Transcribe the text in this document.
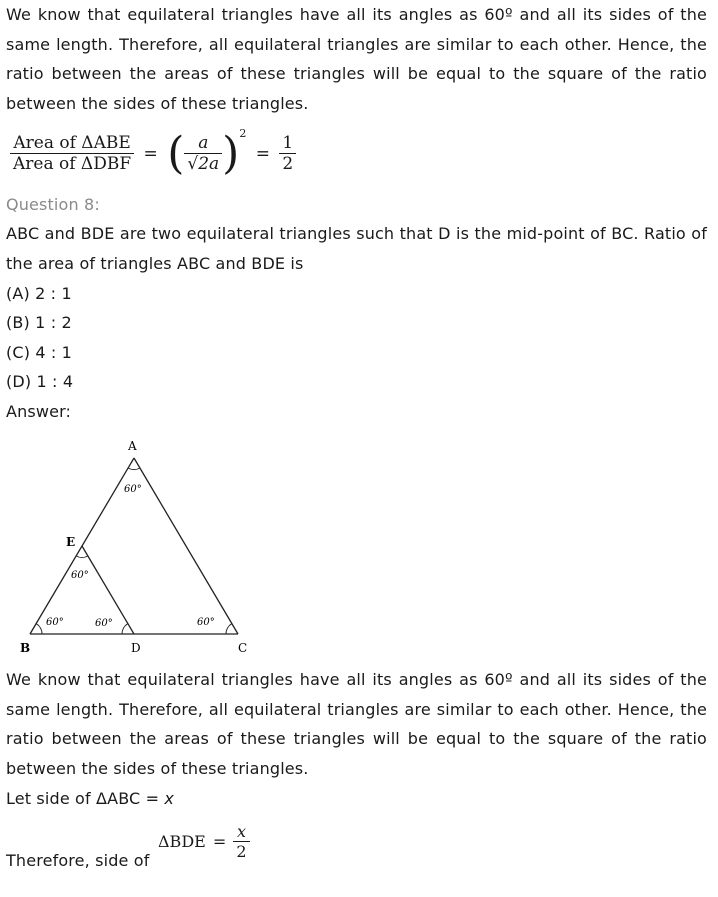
We know that equilateral triangles have all its angles as 60º and all its sides of the same length. Therefore, all equilateral triangles are similar to each other. Hence, the ratio between the areas of these triangles will be equal to the square of the ratio between the sides of these triangles.

$\frac{\text{Area of ΔABE}}{\text{Area of ΔDBF}}$ = ( $\frac{a}{√2a} )^2 = \frac{1}{2}$
Question 8:

ABC and BDE are two equilateral triangles such that D is the mid-point of BC. Ratio of the area of triangles ABC and BDE is

(A) 2 : 1
(B) 1 : 2
(C) 4 : 1
(D) 1 : 4
Answer:
A
E
B	D	C
60°
60°
60°	60°	60°

We know that equilateral triangles have all its angles as 60º and all its sides of the same length. Therefore, all equilateral triangles are similar to each other. Hence, the ratio between the areas of these triangles will be equal to the square of the ratio between the sides of these triangles.

Let side of ΔABC = x
Therefore, side of
$\Delta BDE = \frac{x}{2}$
